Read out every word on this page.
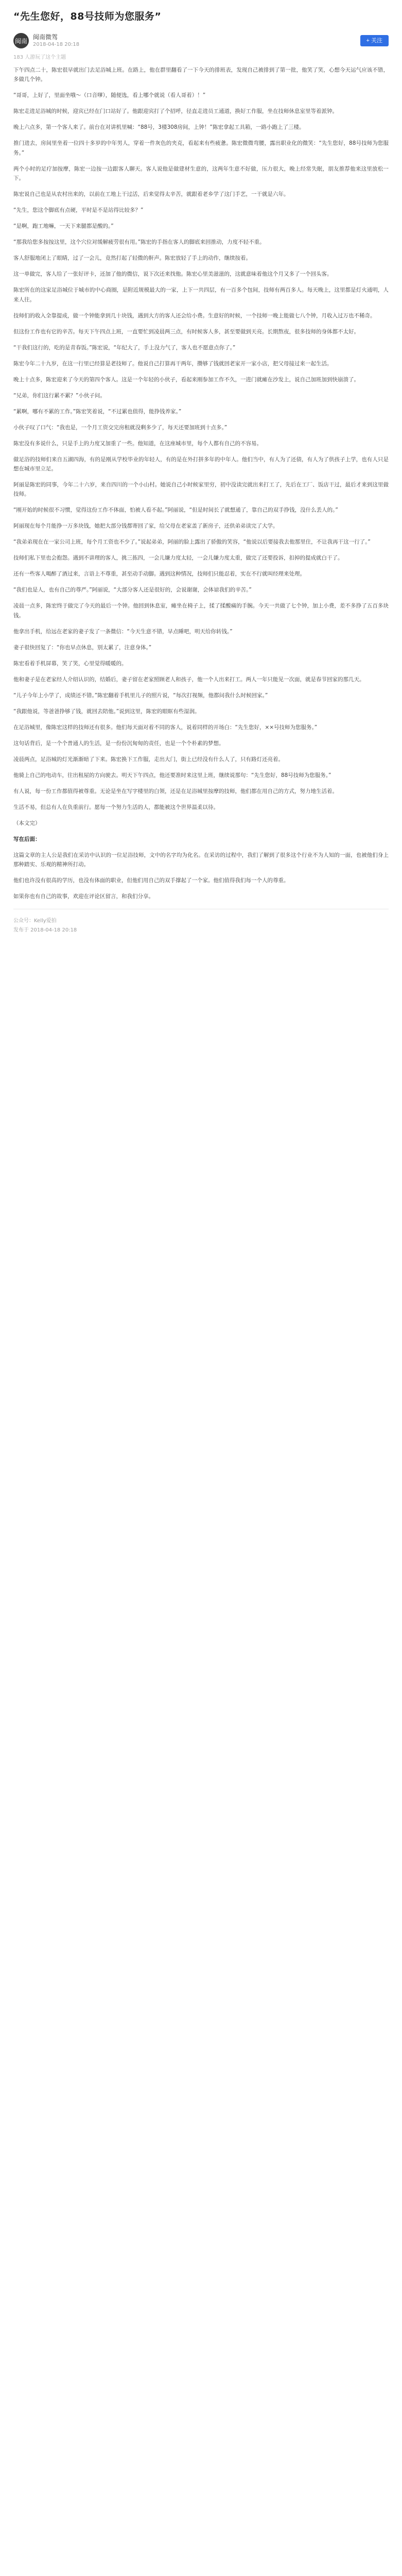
“先生您好，88号技师为您服务”
闽南
闽南微驾
2018-04-18 20:18
+ 关注
183 人游玩了这个主题

下午四点二十，陈宏很早就出门去足浴城上班。在路上，他在群里翻看了一下今天的排班表，发现自己被排到了第一批，他笑了笑，心想今天运气应该不错，多做几个钟。

“哥哥，上好了，里面坐哦～（口音嗲），随便选，看上哪个就说（看人哥着）！”

陈宏走进足浴城的时候，迎宾已经在门口站好了。他跟迎宾打了个招呼，径直走进员工通道，换好工作服，坐在技师休息室里等着派钟。

晚上六点多，第一个客人来了。前台在对讲机里喊：“88号，3楼308房间，上钟！”陈宏拿起工具箱，一路小跑上了三楼。

推门进去，房间里坐着一位四十多岁的中年男人，穿着一件灰色的夹克，看起来有些疲惫。陈宏微微弯腰，露出职业化的微笑：“先生您好，88号技师为您服务。”

两个小时的足疗加按摩，陈宏一边按一边跟客人聊天。客人说他是做建材生意的，这两年生意不好做，压力很大，晚上经常失眠，朋友推荐他来这里放松一下。

陈宏说自己也是从农村出来的，以前在工地上干过活，后来觉得太辛苦，就跟着老乡学了这门手艺，一干就是六年。

“先生，您这个脚底有点硬，平时是不是站得比较多？”

“是啊，跑工地嘛，一天下来腿都是酸的。”

“那我给您多按按这里，这个穴位对缓解疲劳很有用。”陈宏的手指在客人的脚底来回推动，力度不轻不重。

客人舒服地闭上了眼睛，过了一会儿，竟然打起了轻微的鼾声。陈宏放轻了手上的动作，继续按着。

这一单做完，客人给了一张好评卡，还加了他的微信，说下次还来找他。陈宏心里美滋滋的，这就意味着他这个月又多了一个回头客。

陈宏所在的这家足浴城位于城市的中心商圈，是附近规模最大的一家，上下一共四层，有一百多个包间，技师有两百多人。每天晚上，这里都是灯火通明，人来人往。

技师们的收入全靠提成，做一个钟能拿到几十块钱，遇到大方的客人还会给小费。生意好的时候，一个技师一晚上能做七八个钟，月收入过万也不稀奇。

但这份工作也有它的辛苦。每天下午四点上班，一直要忙到凌晨两三点，有时候客人多，甚至要做到天亮。长期熬夜，很多技师的身体都不太好。

“干我们这行的，吃的是青春饭。”陈宏说，“年纪大了，手上没力气了，客人也不愿意点你了。”

陈宏今年二十九岁，在这一行里已经算是老技师了。他说自己打算再干两年，攒够了钱就回老家开一家小店，把父母接过来一起生活。

晚上十点多，陈宏迎来了今天的第四个客人。这是一个年轻的小伙子，看起来刚参加工作不久，一进门就瘫在沙发上，说自己加班加到快崩溃了。

“兄弟，你们这行累不累？”小伙子问。

“累啊，哪有不累的工作。”陈宏笑着说，“不过累也值得，能挣钱养家。”

小伙子叹了口气：“我也是，一个月工资交完房租就没剩多少了，每天还要加班到十点多。”

陈宏没有多说什么，只是手上的力度又加重了一些。他知道，在这座城市里，每个人都有自己的不容易。

做足浴的技师们来自五湖四海，有的是刚从学校毕业的年轻人，有的是在外打拼多年的中年人。他们当中，有人为了还债，有人为了供孩子上学，也有人只是想在城市里立足。

阿丽是陈宏的同事，今年二十六岁，来自四川的一个小山村。她说自己小时候家里穷，初中没读完就出来打工了，先后在工厂、饭店干过，最后才来到这里做技师。

“刚开始的时候很不习惯，觉得这份工作不体面，怕被人看不起。”阿丽说，“但是时间长了就想通了，靠自己的双手挣钱，没什么丢人的。”

阿丽现在每个月能挣一万多块钱，她把大部分钱都寄回了家，给父母在老家盖了新房子，还供弟弟读完了大学。

“我弟弟现在在一家公司上班，每个月工资也不少了。”说起弟弟，阿丽的脸上露出了骄傲的笑容，“他说以后要接我去他那里住，不让我再干这一行了。”

技师们私下里也会抱怨。遇到不讲理的客人，挑三拣四，一会儿嫌力度太轻，一会儿嫌力度太重，做完了还要投诉，扣掉的提成就白干了。

还有一些客人喝醉了酒过来，言语上不尊重，甚至动手动脚。遇到这种情况，技师们只能忍着，实在不行就叫经理来处理。

“我们也是人，也有自己的尊严。”阿丽说，“大部分客人还是很好的，会说谢谢，会体谅我们的辛苦。”

凌晨一点多，陈宏终于做完了今天的最后一个钟。他回到休息室，瘫坐在椅子上，揉了揉酸痛的手腕。今天一共做了七个钟，加上小费，差不多挣了五百多块钱。

他拿出手机，给远在老家的妻子发了一条微信：“今天生意不错，早点睡吧，明天给你转钱。”

妻子很快回复了：“你也早点休息，别太累了，注意身体。”

陈宏看着手机屏幕，笑了笑，心里觉得暖暖的。

他和妻子是在老家经人介绍认识的，结婚后，妻子留在老家照顾老人和孩子，他一个人出来打工。两人一年只能见一次面，就是春节回家的那几天。

“儿子今年上小学了，成绩还不错。”陈宏翻着手机里儿子的照片说，“每次打视频，他都问我什么时候回家。”

“我跟他说，等爸爸挣够了钱，就回去陪他。”说到这里，陈宏的眼眶有些湿润。

在足浴城里，像陈宏这样的技师还有很多。他们每天面对着不同的客人，说着同样的开场白：“先生您好，××号技师为您服务。”

这句话背后，是一个个普通人的生活，是一份份沉甸甸的责任，也是一个个朴素的梦想。

凌晨两点，足浴城的灯光渐渐暗了下来。陈宏换下工作服，走出大门，街上已经没有什么人了，只有路灯还亮着。

他骑上自己的电动车，往出租屋的方向驶去。明天下午四点，他还要准时来这里上班，继续说那句：“先生您好，88号技师为您服务。”

有人说，每一份工作都值得被尊重。无论是坐在写字楼里的白领，还是在足浴城里按摩的技师，他们都在用自己的方式，努力地生活着。

生活不易，但总有人在负重前行。愿每一个努力生活的人，都能被这个世界温柔以待。

（本文完）

写在后面：

这篇文章的主人公是我们在采访中认识的一位足浴技师，文中的名字均为化名。在采访的过程中，我们了解到了很多这个行业不为人知的一面，也被他们身上那种踏实、乐观的精神所打动。

他们也许没有很高的学历，也没有体面的职业，但他们用自己的双手撑起了一个家。他们值得我们每一个人的尊重。

如果你也有自己的故事，欢迎在评论区留言，和我们分享。

公众号：Kelly爱拍
发布于 2018-04-18 20:18
